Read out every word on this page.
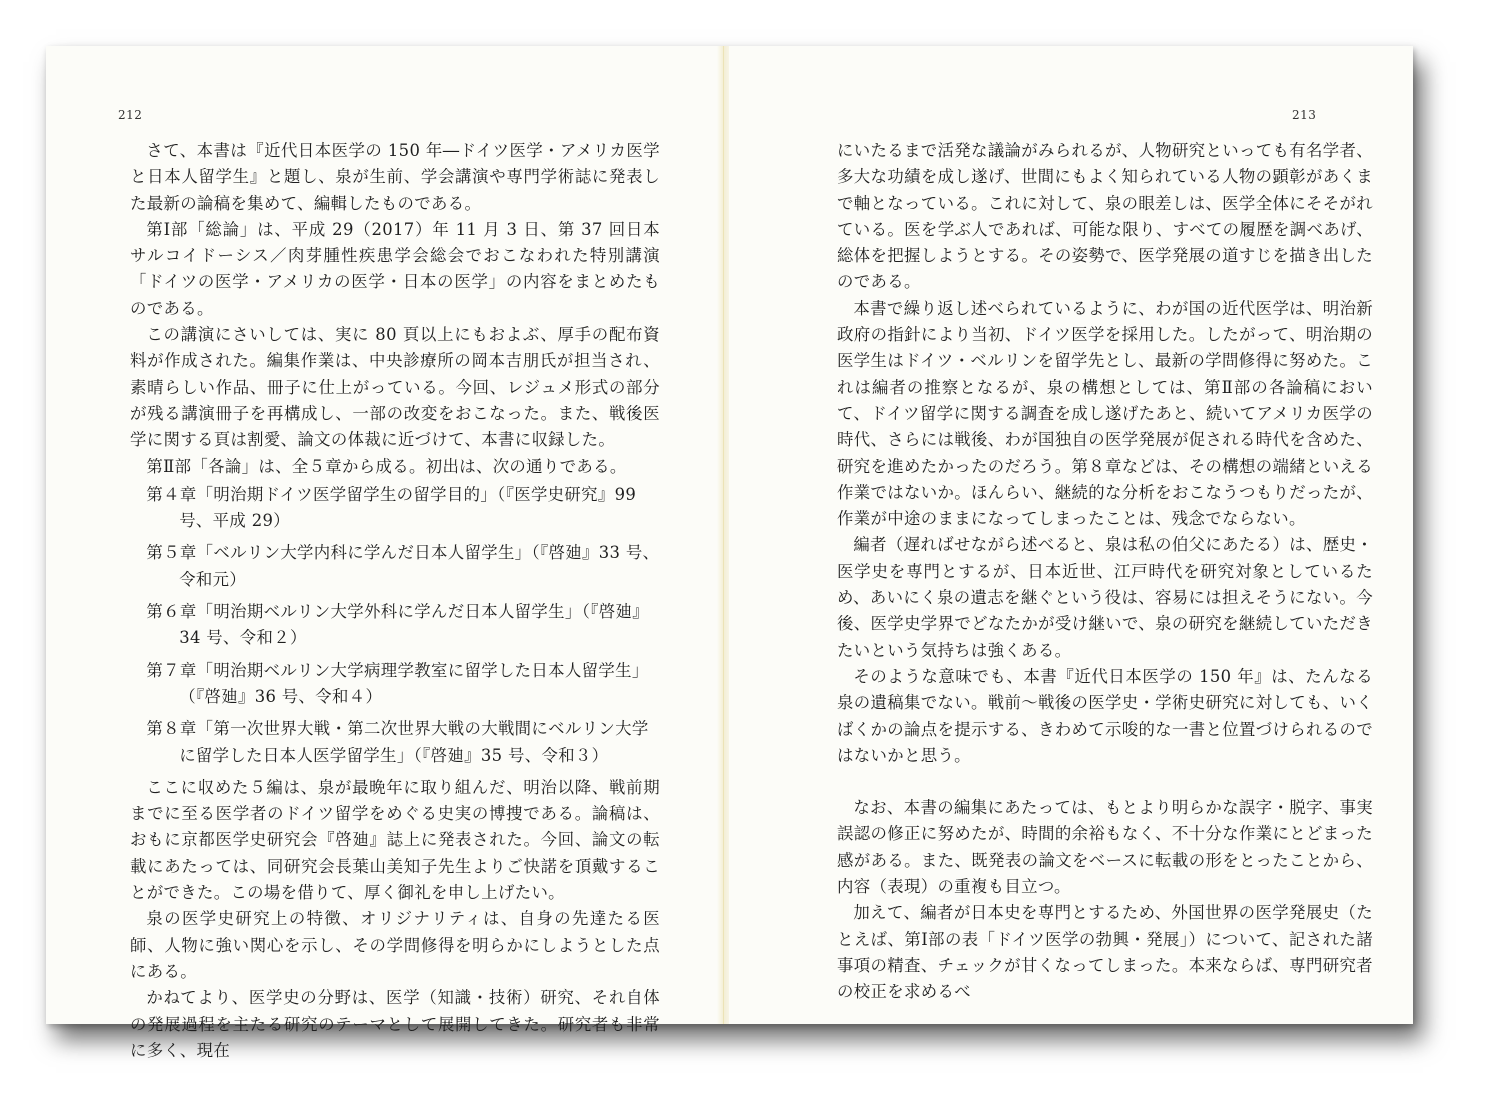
212

さて、本書は『近代日本医学の 150 年―ドイツ医学・アメリカ医学と日本人留学生』と題し、泉が生前、学会講演や専門学術誌に発表した最新の論稿を集めて、編輯したものである。

第Ⅰ部「総論」は、平成 29（2017）年 11 月 3 日、第 37 回日本サルコイドーシス／肉芽腫性疾患学会総会でおこなわれた特別講演「ドイツの医学・アメリカの医学・日本の医学」の内容をまとめたものである。

この講演にさいしては、実に 80 頁以上にもおよぶ、厚手の配布資料が作成された。編集作業は、中央診療所の岡本吉朋氏が担当され、素晴らしい作品、冊子に仕上がっている。今回、レジュメ形式の部分が残る講演冊子を再構成し、一部の改変をおこなった。また、戦後医学に関する頁は割愛、論文の体裁に近づけて、本書に収録した。

第Ⅱ部「各論」は、全５章から成る。初出は、次の通りである。

第４章「明治期ドイツ医学留学生の留学目的」（『医学史研究』99 号、平成 29）

第５章「ベルリン大学内科に学んだ日本人留学生」（『啓廸』33 号、令和元）

第６章「明治期ベルリン大学外科に学んだ日本人留学生」（『啓廸』34 号、令和２）

第７章「明治期ベルリン大学病理学教室に留学した日本人留学生」（『啓廸』36 号、令和４）

第８章「第一次世界大戦・第二次世界大戦の大戦間にベルリン大学に留学した日本人医学留学生」（『啓廸』35 号、令和３）

ここに収めた５編は、泉が最晩年に取り組んだ、明治以降、戦前期までに至る医学者のドイツ留学をめぐる史実の博捜である。論稿は、おもに京都医学史研究会『啓廸』誌上に発表された。今回、論文の転載にあたっては、同研究会長葉山美知子先生よりご快諾を頂戴することができた。この場を借りて、厚く御礼を申し上げたい。

泉の医学史研究上の特徴、オリジナリティは、自身の先達たる医師、人物に強い関心を示し、その学問修得を明らかにしようとした点にある。

かねてより、医学史の分野は、医学（知識・技術）研究、それ自体の発展過程を主たる研究のテーマとして展開してきた。研究者も非常に多く、現在

213

にいたるまで活発な議論がみられるが、人物研究といっても有名学者、多大な功績を成し遂げ、世間にもよく知られている人物の顕彰があくまで軸となっている。これに対して、泉の眼差しは、医学全体にそそがれている。医を学ぶ人であれば、可能な限り、すべての履歴を調べあげ、総体を把握しようとする。その姿勢で、医学発展の道すじを描き出したのである。

本書で繰り返し述べられているように、わが国の近代医学は、明治新政府の指針により当初、ドイツ医学を採用した。したがって、明治期の医学生はドイツ・ベルリンを留学先とし、最新の学問修得に努めた。これは編者の推察となるが、泉の構想としては、第Ⅱ部の各論稿において、ドイツ留学に関する調査を成し遂げたあと、続いてアメリカ医学の時代、さらには戦後、わが国独自の医学発展が促される時代を含めた、研究を進めたかったのだろう。第８章などは、その構想の端緒といえる作業ではないか。ほんらい、継続的な分析をおこなうつもりだったが、作業が中途のままになってしまったことは、残念でならない。

編者（遅ればせながら述べると、泉は私の伯父にあたる）は、歴史・医学史を専門とするが、日本近世、江戸時代を研究対象としているため、あいにく泉の遺志を継ぐという役は、容易には担えそうにない。今後、医学史学界でどなたかが受け継いで、泉の研究を継続していただきたいという気持ちは強くある。

そのような意味でも、本書『近代日本医学の 150 年』は、たんなる泉の遺稿集でない。戦前～戦後の医学史・学術史研究に対しても、いくばくかの論点を提示する、きわめて示唆的な一書と位置づけられるのではないかと思う。

なお、本書の編集にあたっては、もとより明らかな誤字・脱字、事実誤認の修正に努めたが、時間的余裕もなく、不十分な作業にとどまった感がある。また、既発表の論文をベースに転載の形をとったことから、内容（表現）の重複も目立つ。

加えて、編者が日本史を専門とするため、外国世界の医学発展史（たとえば、第Ⅰ部の表「ドイツ医学の勃興・発展」）について、記された諸事項の精査、チェックが甘くなってしまった。本来ならば、専門研究者の校正を求めるべ
